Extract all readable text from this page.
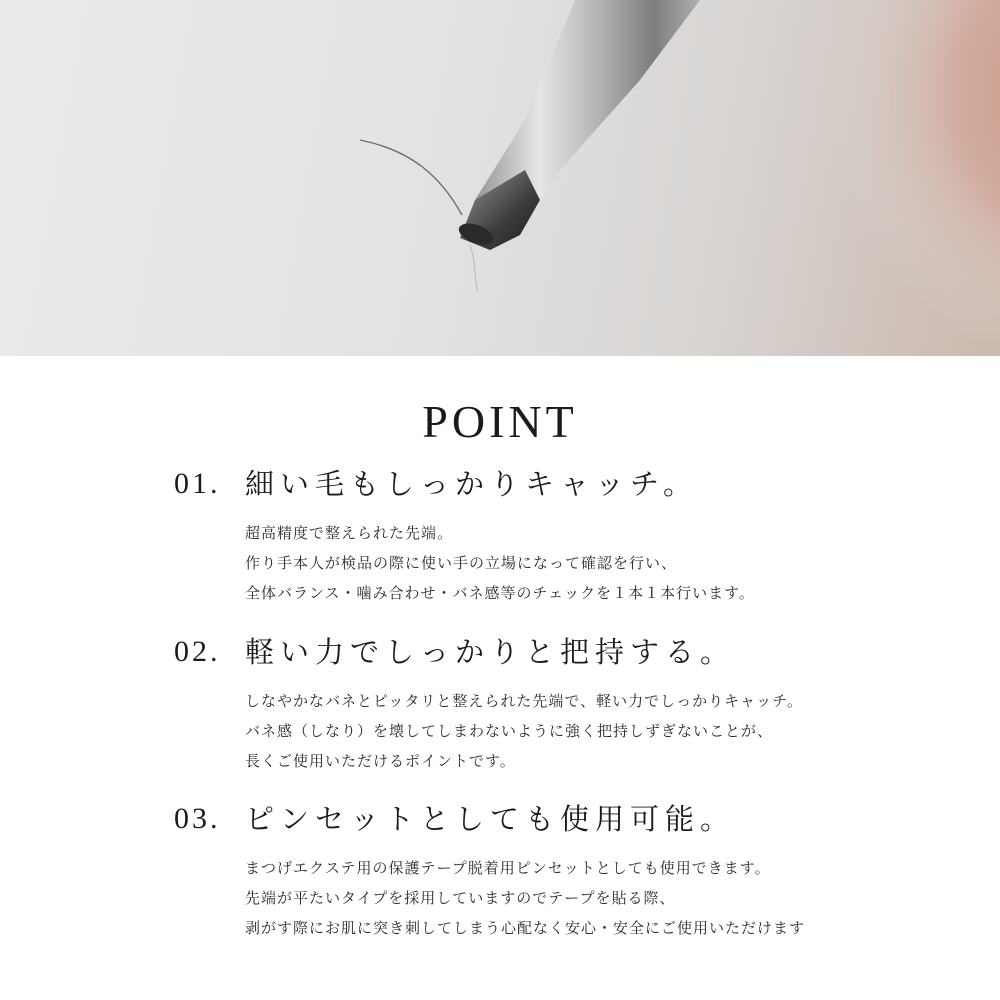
POINT
01. 細い毛もしっかりキャッチ。
超高精度で整えられた先端。
作り手本人が検品の際に使い手の立場になって確認を行い、
全体バランス・噛み合わせ・バネ感等のチェックを１本１本行います。
02. 軽い力でしっかりと把持する。
しなやかなバネとピッタリと整えられた先端で、軽い力でしっかりキャッチ。
バネ感（しなり）を壊してしまわないように強く把持しずぎないことが、
長くご使用いただけるポイントです。
03. ピンセットとしても使用可能。
まつげエクステ用の保護テープ脱着用ピンセットとしても使用できます。
先端が平たいタイプを採用していますのでテープを貼る際、
剥がす際にお肌に突き刺してしまう心配なく安心・安全にご使用いただけます
